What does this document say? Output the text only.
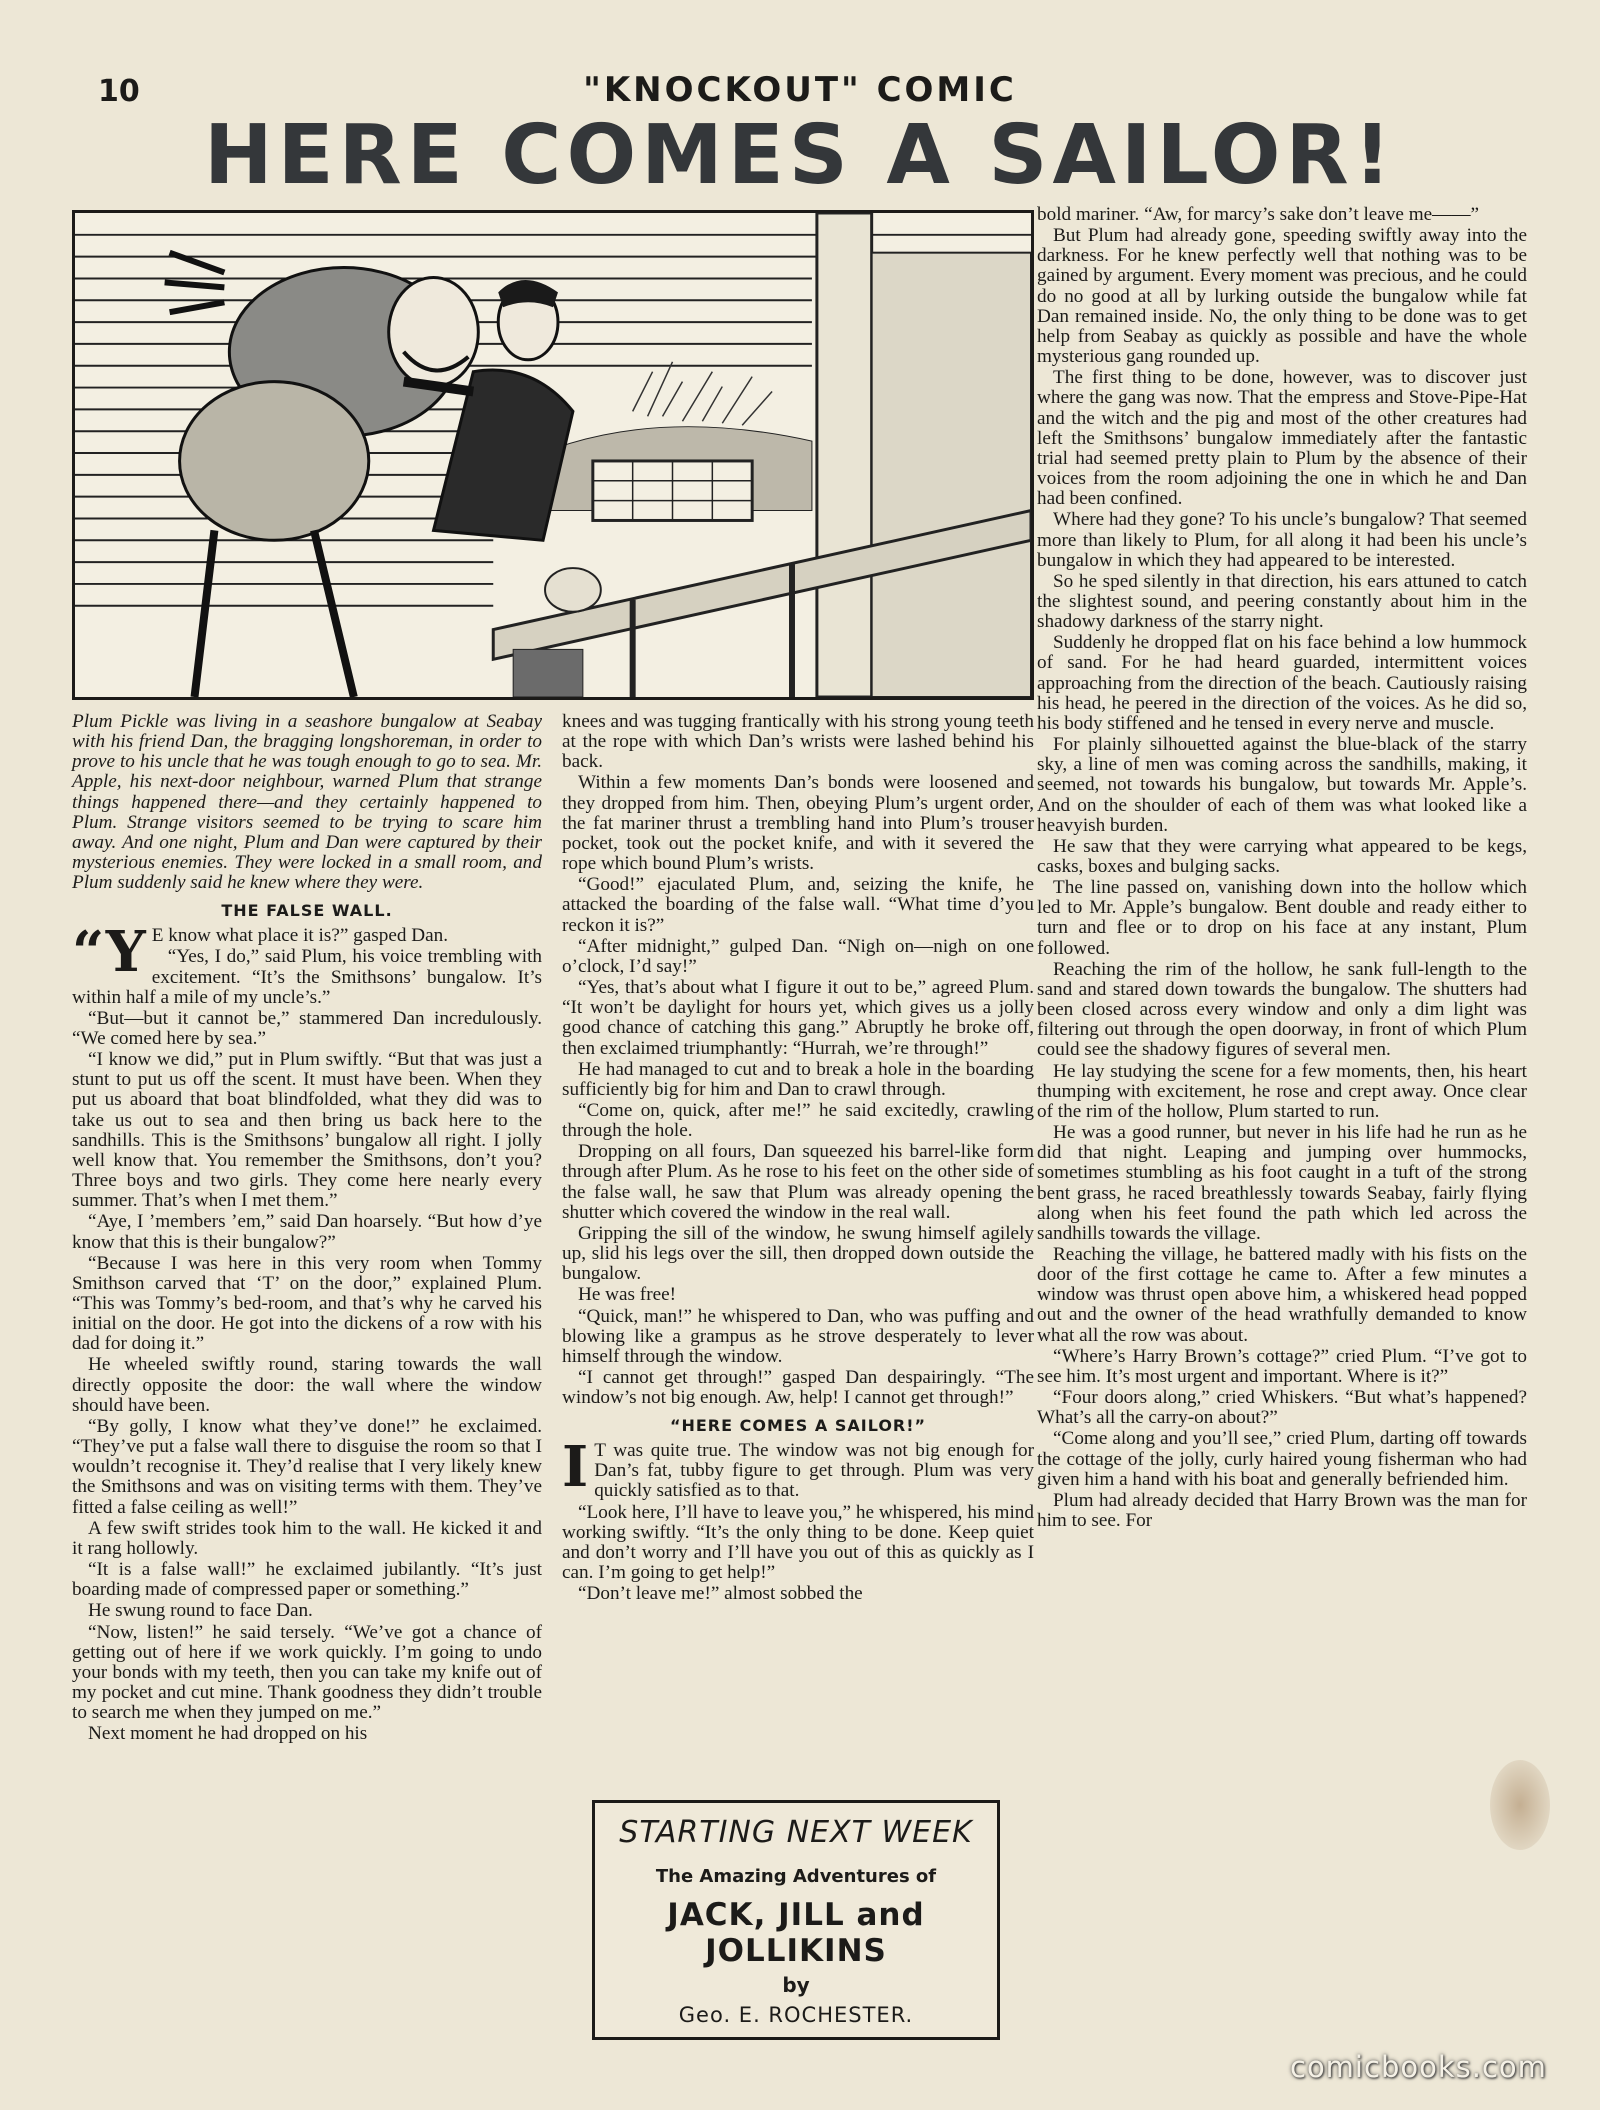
10	"KNOCKOUT" COMIC
HERE COMES A SAILOR!

Plum Pickle was living in a seashore bungalow at Seabay with his friend Dan, the bragging longshoreman, in order to prove to his uncle that he was tough enough to go to sea. Mr. Apple, his next-door neighbour, warned Plum that strange things happened there—and they certainly happened to Plum. Strange visitors seemed to be trying to scare him away. And one night, Plum and Dan were captured by their mysterious enemies. They were locked in a small room, and Plum suddenly said he knew where they were.

THE FALSE WALL.

“Y E know what place it is?” gasped Dan.

“Yes, I do,” said Plum, his voice trembling with excitement. “It’s the Smithsons’ bungalow. It’s within half a mile of my uncle’s.”

“But—but it cannot be,” stammered Dan incredulously. “We comed here by sea.”

“I know we did,” put in Plum swiftly. “But that was just a stunt to put us off the scent. It must have been. When they put us aboard that boat blindfolded, what they did was to take us out to sea and then bring us back here to the sandhills. This is the Smithsons’ bungalow all right. I jolly well know that. You remember the Smithsons, don’t you? Three boys and two girls. They come here nearly every summer. That’s when I met them.”

“Aye, I ’members ’em,” said Dan hoarsely. “But how d’ye know that this is their bungalow?”

“Because I was here in this very room when Tommy Smithson carved that ‘T’ on the door,” explained Plum. “This was Tommy’s bed-room, and that’s why he carved his initial on the door. He got into the dickens of a row with his dad for doing it.”

He wheeled swiftly round, staring towards the wall directly opposite the door: the wall where the window should have been.

“By golly, I know what they’ve done!” he exclaimed. “They’ve put a false wall there to disguise the room so that I wouldn’t recognise it. They’d realise that I very likely knew the Smithsons and was on visiting terms with them. They’ve fitted a false ceiling as well!”

A few swift strides took him to the wall. He kicked it and it rang hollowly.

“It is a false wall!” he exclaimed jubilantly. “It’s just boarding made of compressed paper or something.”

He swung round to face Dan.

“Now, listen!” he said tersely. “We’ve got a chance of getting out of here if we work quickly. I’m going to undo your bonds with my teeth, then you can take my knife out of my pocket and cut mine. Thank goodness they didn’t trouble to search me when they jumped on me.”

Next moment he had dropped on his

knees and was tugging frantically with his strong young teeth at the rope with which Dan’s wrists were lashed behind his back.

Within a few moments Dan’s bonds were loosened and they dropped from him. Then, obeying Plum’s urgent order, the fat mariner thrust a trembling hand into Plum’s trouser pocket, took out the pocket knife, and with it severed the rope which bound Plum’s wrists.

“Good!” ejaculated Plum, and, seizing the knife, he attacked the boarding of the false wall. “What time d’you reckon it is?”

“After midnight,” gulped Dan. “Nigh on—nigh on one o’clock, I’d say!”

“Yes, that’s about what I figure it out to be,” agreed Plum. “It won’t be daylight for hours yet, which gives us a jolly good chance of catching this gang.” Abruptly he broke off, then exclaimed triumphantly: “Hurrah, we’re through!”

He had managed to cut and to break a hole in the boarding sufficiently big for him and Dan to crawl through.

“Come on, quick, after me!” he said excitedly, crawling through the hole.

Dropping on all fours, Dan squeezed his barrel-like form through after Plum. As he rose to his feet on the other side of the false wall, he saw that Plum was already opening the shutter which covered the window in the real wall.

Gripping the sill of the window, he swung himself agilely up, slid his legs over the sill, then dropped down outside the bungalow.

He was free!

“Quick, man!” he whispered to Dan, who was puffing and blowing like a grampus as he strove desperately to lever himself through the window.

“I cannot get through!” gasped Dan despairingly. “The window’s not big enough. Aw, help! I cannot get through!”

“HERE COMES A SAILOR!”

I T was quite true. The window was not big enough for Dan’s fat, tubby figure to get through. Plum was very quickly satisfied as to that.

“Look here, I’ll have to leave you,” he whispered, his mind working swiftly. “It’s the only thing to be done. Keep quiet and don’t worry and I’ll have you out of this as quickly as I can. I’m going to get help!”

“Don’t leave me!” almost sobbed the

bold mariner. “Aw, for marcy’s sake don’t leave me——”

But Plum had already gone, speeding swiftly away into the darkness. For he knew perfectly well that nothing was to be gained by argument. Every moment was precious, and he could do no good at all by lurking outside the bungalow while fat Dan remained inside. No, the only thing to be done was to get help from Seabay as quickly as possible and have the whole mysterious gang rounded up.

The first thing to be done, however, was to discover just where the gang was now. That the empress and Stove-Pipe-Hat and the witch and the pig and most of the other creatures had left the Smithsons’ bungalow immediately after the fantastic trial had seemed pretty plain to Plum by the absence of their voices from the room adjoining the one in which he and Dan had been confined.

Where had they gone? To his uncle’s bungalow? That seemed more than likely to Plum, for all along it had been his uncle’s bungalow in which they had appeared to be interested.

So he sped silently in that direction, his ears attuned to catch the slightest sound, and peering constantly about him in the shadowy darkness of the starry night.

Suddenly he dropped flat on his face behind a low hummock of sand. For he had heard guarded, intermittent voices approaching from the direction of the beach. Cautiously raising his head, he peered in the direction of the voices. As he did so, his body stiffened and he tensed in every nerve and muscle.

For plainly silhouetted against the blue-black of the starry sky, a line of men was coming across the sandhills, making, it seemed, not towards his bungalow, but towards Mr. Apple’s. And on the shoulder of each of them was what looked like a heavyish burden.

He saw that they were carrying what appeared to be kegs, casks, boxes and bulging sacks.

The line passed on, vanishing down into the hollow which led to Mr. Apple’s bungalow. Bent double and ready either to turn and flee or to drop on his face at any instant, Plum followed.

Reaching the rim of the hollow, he sank full-length to the sand and stared down towards the bungalow. The shutters had been closed across every window and only a dim light was filtering out through the open doorway, in front of which Plum could see the shadowy figures of several men.

He lay studying the scene for a few moments, then, his heart thumping with excitement, he rose and crept away. Once clear of the rim of the hollow, Plum started to run.

He was a good runner, but never in his life had he run as he did that night. Leaping and jumping over hummocks, sometimes stumbling as his foot caught in a tuft of the strong bent grass, he raced breathlessly towards Seabay, fairly flying along when his feet found the path which led across the sandhills towards the village.

Reaching the village, he battered madly with his fists on the door of the first cottage he came to. After a few minutes a window was thrust open above him, a whiskered head popped out and the owner of the head wrathfully demanded to know what all the row was about.

“Where’s Harry Brown’s cottage?” cried Plum. “I’ve got to see him. It’s most urgent and important. Where is it?”

“Four doors along,” cried Whiskers. “But what’s happened? What’s all the carry-on about?”

“Come along and you’ll see,” cried Plum, darting off towards the cottage of the jolly, curly haired young fisherman who had given him a hand with his boat and generally befriended him.

Plum had already decided that Harry Brown was the man for him to see. For

STARTING NEXT WEEK
The Amazing Adventures of
JACK, JILL and JOLLIKINS
by
Geo. E. ROCHESTER.
comicbooks.com
